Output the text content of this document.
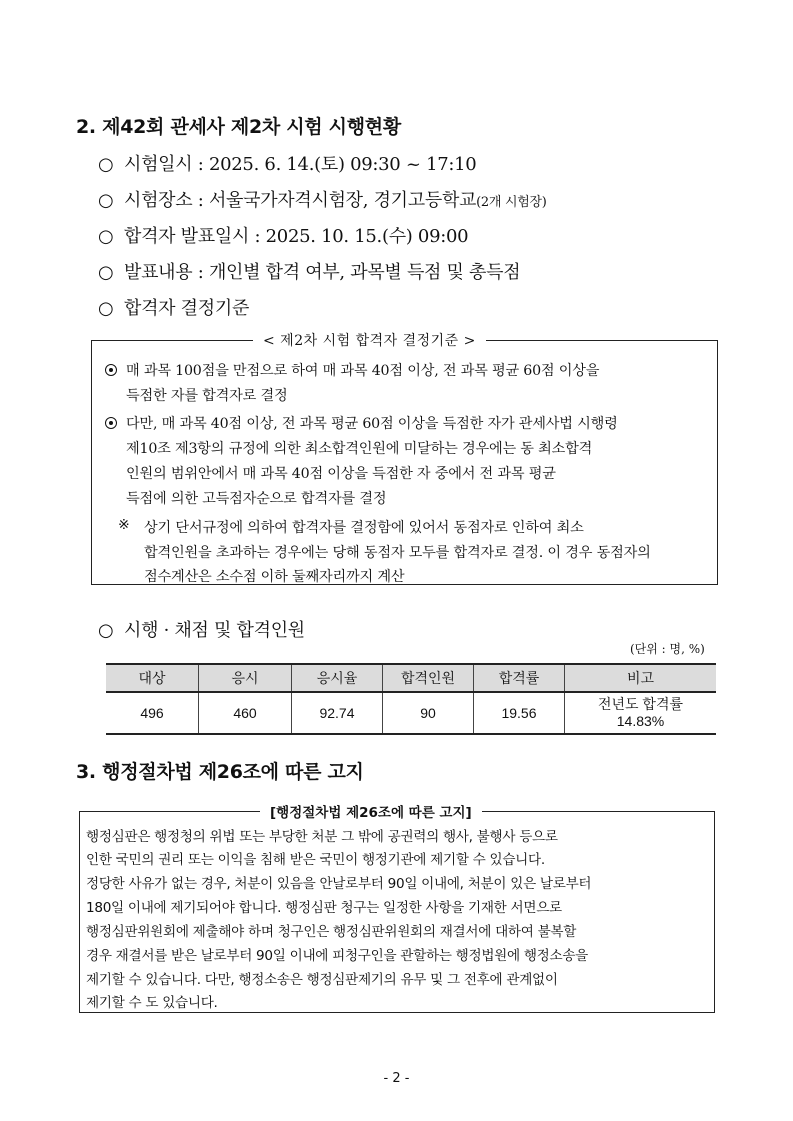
2. 제42회 관세사 제2차 시험 시행현황
○ 시험일시 : 2025. 6. 14.(토) 09:30 ~ 17:10
○ 시험장소 : 서울국가자격시험장, 경기고등학교(2개 시험장)
○ 합격자 발표일시 : 2025. 10. 15.(수) 09:00
○ 발표내용 : 개인별 합격 여부, 과목별 득점 및 총득점
○ 합격자 결정기준
< 제2차 시험 합격자 결정기준 >
매 과목 100점을 만점으로 하여 매 과목 40점 이상, 전 과목 평균 60점 이상을
득점한 자를 합격자로 결정
다만, 매 과목 40점 이상, 전 과목 평균 60점 이상을 득점한 자가 관세사법 시행령
제10조 제3항의 규정에 의한 최소합격인원에 미달하는 경우에는 동 최소합격
인원의 범위안에서 매 과목 40점 이상을 득점한 자 중에서 전 과목 평균
득점에 의한 고득점자순으로 합격자를 결정
※ 상기 단서규정에 의하여 합격자를 결정함에 있어서 동점자로 인하여 최소
합격인원을 초과하는 경우에는 당해 동점자 모두를 합격자로 결정. 이 경우 동점자의
점수계산은 소수점 이하 둘째자리까지 계산
○ 시행 · 채점 및 합격인원
(단위 : 명, %)
대상	응시	응시율	합격인원	합격률	비고
496	460	92.74	90	19.56	전년도 합격률
14.83%
3. 행정절차법 제26조에 따른 고지
[행정절차법 제26조에 따른 고지]
행정심판은 행정청의 위법 또는 부당한 처분 그 밖에 공권력의 행사, 불행사 등으로
인한 국민의 권리 또는 이익을 침해 받은 국민이 행정기관에 제기할 수 있습니다.
정당한 사유가 없는 경우, 처분이 있음을 안날로부터 90일 이내에, 처분이 있은 날로부터
180일 이내에 제기되어야 합니다. 행정심판 청구는 일정한 사항을 기재한 서면으로
행정심판위원회에 제출해야 하며 청구인은 행정심판위원회의 재결서에 대하여 불복할
경우 재결서를 받은 날로부터 90일 이내에 피청구인을 관할하는 행정법원에 행정소송을
제기할 수 있습니다. 다만, 행정소송은 행정심판제기의 유무 및 그 전후에 관계없이
제기할 수 도 있습니다.
- 2 -
